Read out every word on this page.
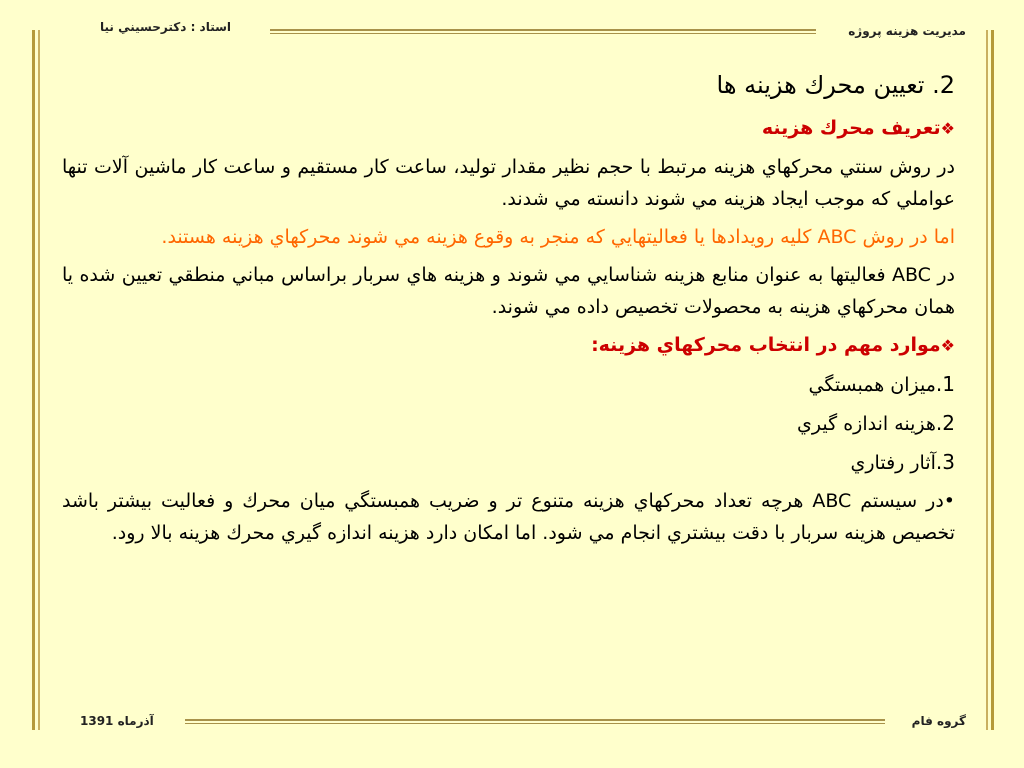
مديريت هزينه پروژه
استاد : دكترحسيني نيا

2. تعيين محرك هزينه ها

❖تعريف محرك هزينه

در روش سنتي محركهاي هزينه مرتبط با حجم نظير مقدار توليد، ساعت كار مستقيم و ساعت كار ماشين آلات تنها عواملي كه موجب ايجاد هزينه مي شوند دانسته مي شدند.

اما در روش ABC كليه رويدادها يا فعاليتهايي كه منجر به وقوع هزينه مي شوند محركهاي هزينه هستند.

در ABC فعاليتها به عنوان منابع هزينه شناسايي مي شوند و هزينه هاي سربار براساس مباني منطقي تعيين شده يا همان محركهاي هزينه به محصولات تخصيص داده مي شوند.

❖موارد مهم در انتخاب محركهاي هزينه:

1.ميزان همبستگي

2.هزينه اندازه گيري

3.آثار رفتاري

•در سيستم ABC هرچه تعداد محركهاي هزينه متنوع تر و ضريب همبستگي ميان محرك و فعاليت بيشتر باشد تخصيص هزينه سربار با دقت بيشتري انجام مي شود. اما امكان دارد هزينه اندازه گيري محرك هزينه بالا رود.

گروه فام
آذرماه 1391
